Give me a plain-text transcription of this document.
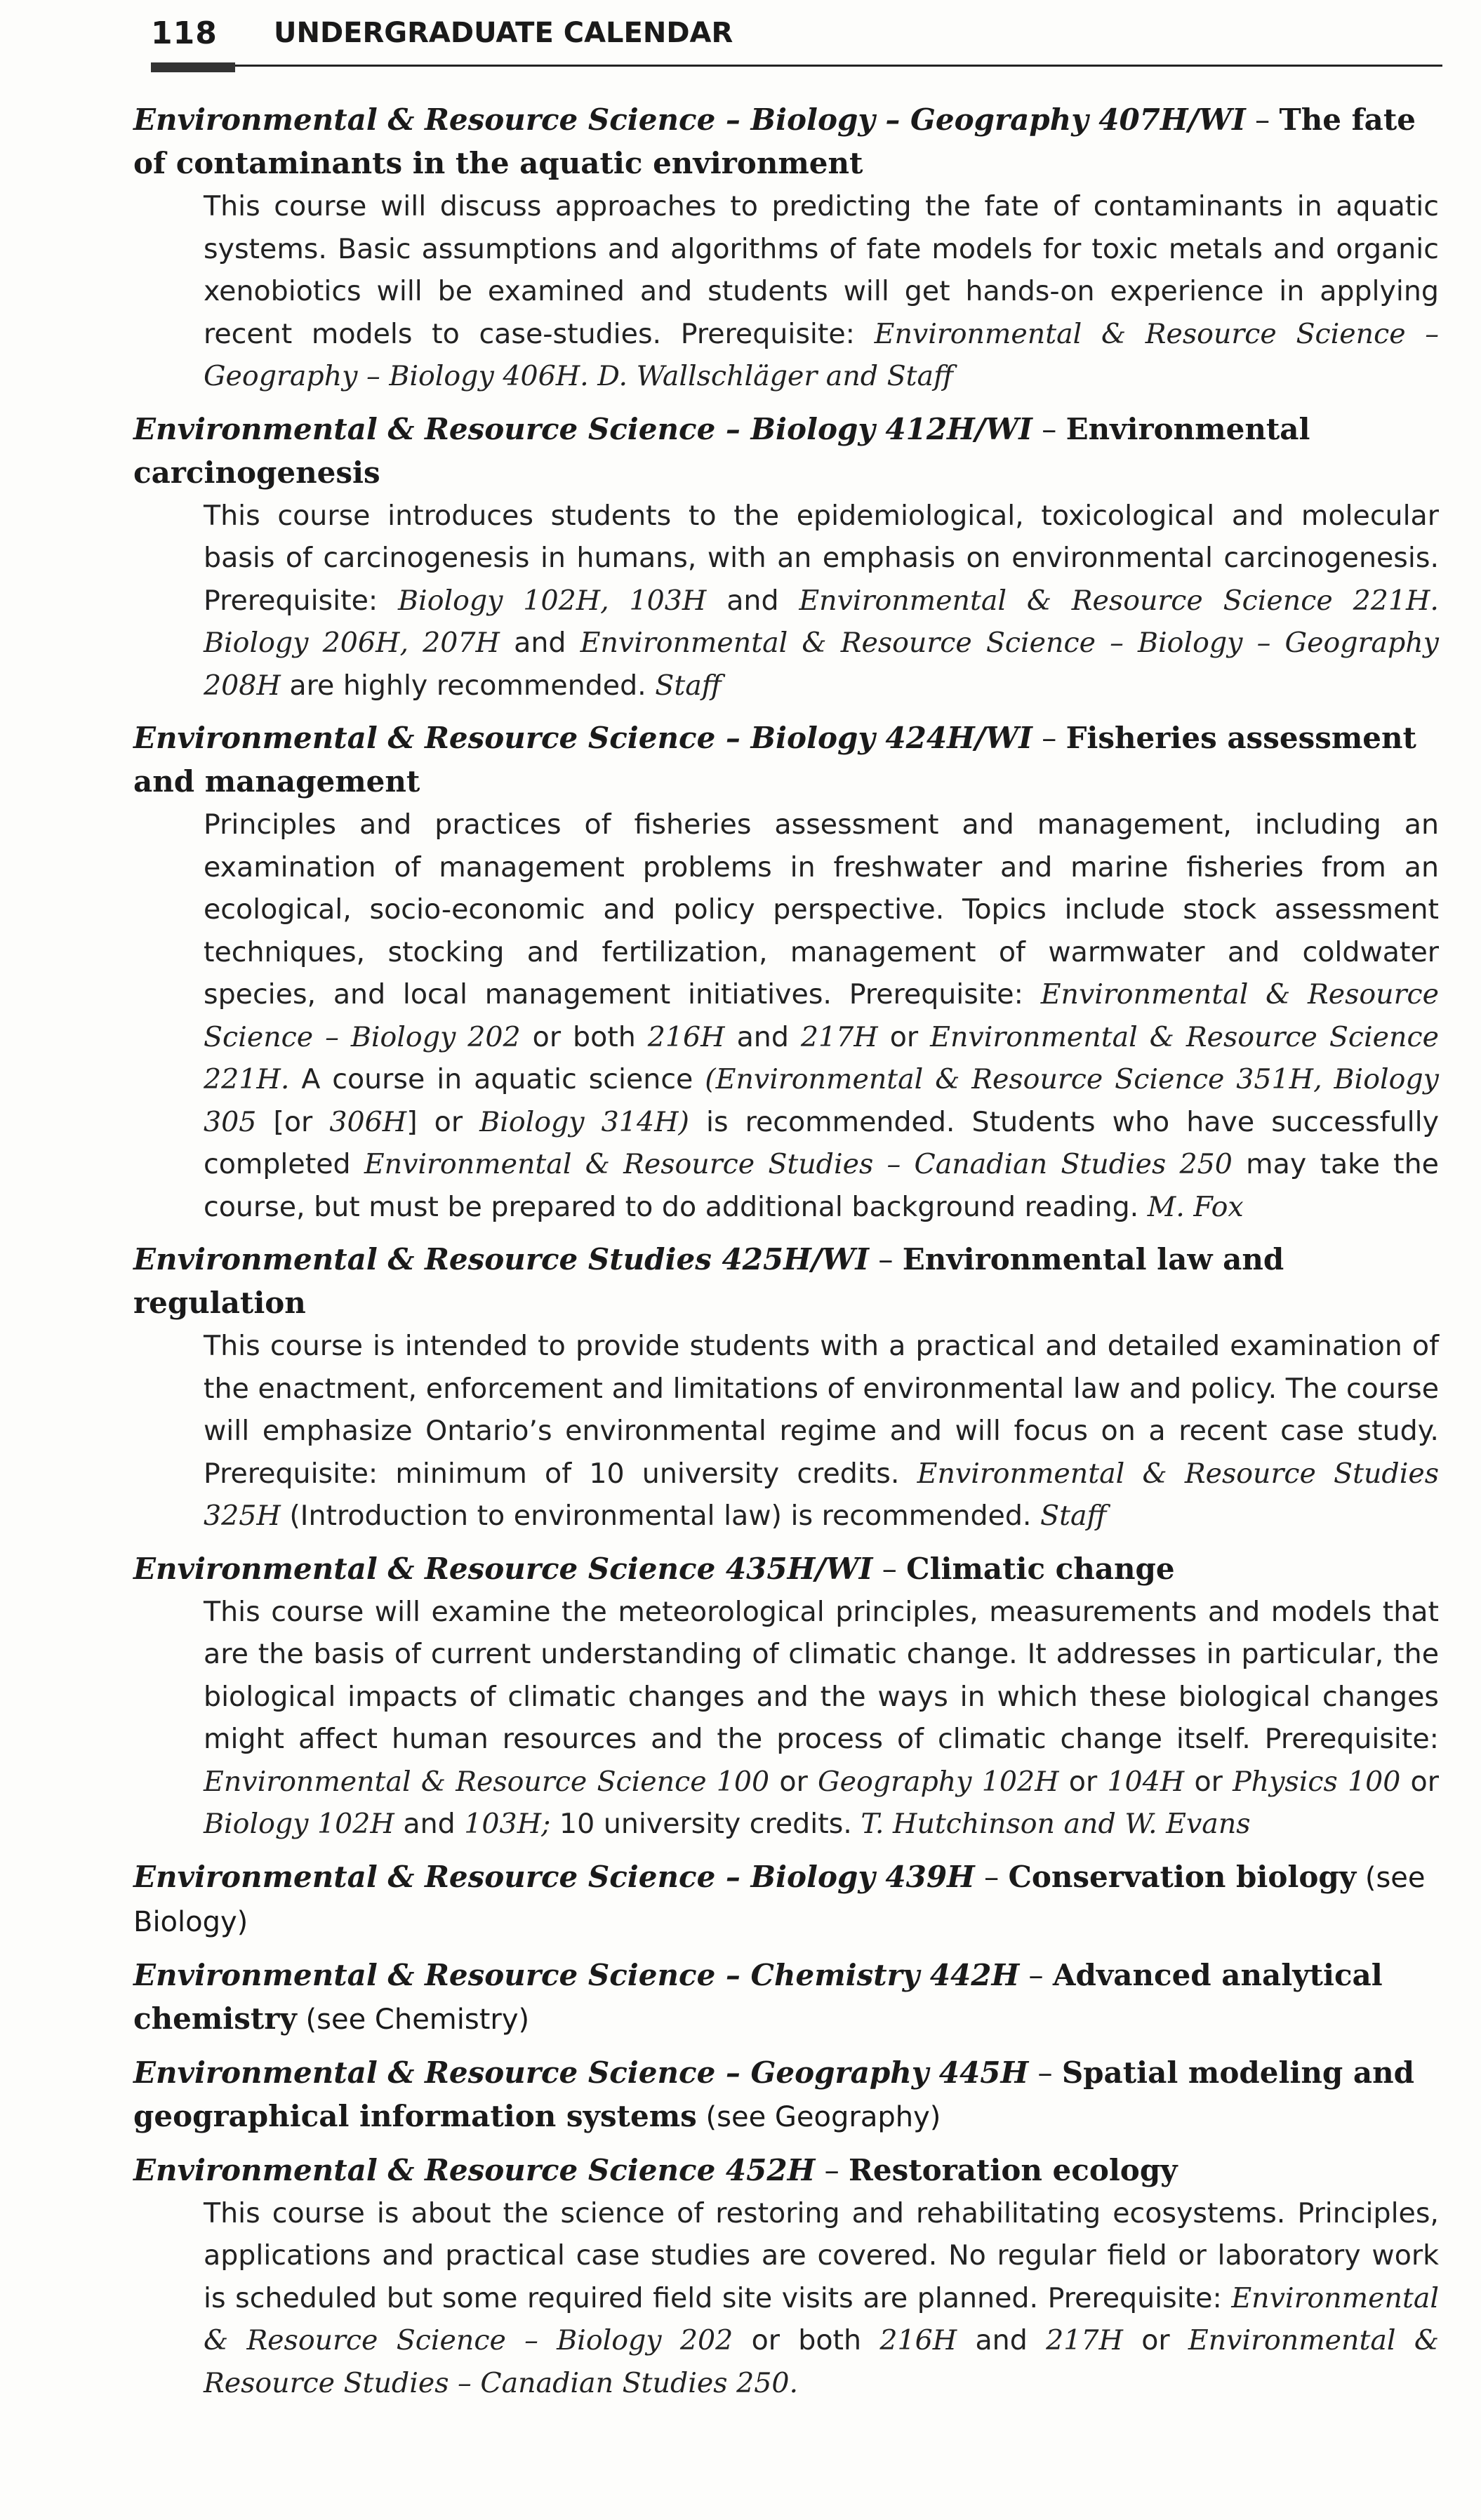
118 UNDERGRADUATE CALENDAR

Environmental & Resource Science – Biology – Geography 407H/WI – The fate of contaminants in the aquatic environment

This course will discuss approaches to predicting the fate of contaminants in aquatic systems. Basic assumptions and algorithms of fate models for toxic metals and organic xenobiotics will be examined and students will get hands-on experience in applying recent models to case-studies. Prerequisite: Environmental & Resource Science – Geography – Biology 406H. D. Wallschläger and Staff

Environmental & Resource Science – Biology 412H/WI – Environmental carcinogenesis

This course introduces students to the epidemiological, toxicological and molecular basis of carcinogenesis in humans, with an emphasis on environmental carcinogenesis. Prerequisite: Biology 102H, 103H and Environmental & Resource Science 221H. Biology 206H, 207H and Environmental & Resource Science – Biology – Geography 208H are highly recommended. Staff

Environmental & Resource Science – Biology 424H/WI – Fisheries assessment and management

Principles and practices of fisheries assessment and management, including an examination of management problems in freshwater and marine fisheries from an ecological, socio-economic and policy perspective. Topics include stock assessment techniques, stocking and fertilization, management of warmwater and coldwater species, and local management initiatives. Prerequisite: Environmental & Resource Science – Biology 202 or both 216H and 217H or Environmental & Resource Science 221H. A course in aquatic science (Environmental & Resource Science 351H, Biology 305 [or 306H] or Biology 314H) is recommended. Students who have successfully completed Environmental & Resource Studies – Canadian Studies 250 may take the course, but must be prepared to do additional background reading. M. Fox

Environmental & Resource Studies 425H/WI – Environmental law and regulation

This course is intended to provide students with a practical and detailed examination of the enactment, enforcement and limitations of environmental law and policy. The course will emphasize Ontario’s environmental regime and will focus on a recent case study. Prerequisite: minimum of 10 university credits. Environmental & Resource Studies 325H (Introduction to environmental law) is recommended. Staff

Environmental & Resource Science 435H/WI – Climatic change

This course will examine the meteorological principles, measurements and models that are the basis of current understanding of climatic change. It addresses in particular, the biological impacts of climatic changes and the ways in which these biological changes might affect human resources and the process of climatic change itself. Prerequisite: Environmental & Resource Science 100 or Geography 102H or 104H or Physics 100 or Biology 102H and 103H; 10 university credits. T. Hutchinson and W. Evans

Environmental & Resource Science – Biology 439H – Conservation biology (see Biology)

Environmental & Resource Science – Chemistry 442H – Advanced analytical chemistry (see Chemistry)

Environmental & Resource Science – Geography 445H – Spatial modeling and geographical information systems (see Geography)

Environmental & Resource Science 452H – Restoration ecology

This course is about the science of restoring and rehabilitating ecosystems. Principles, applications and practical case studies are covered. No regular field or laboratory work is scheduled but some required field site visits are planned. Prerequisite: Environmental & Resource Science – Biology 202 or both 216H and 217H or Environmental & Resource Studies – Canadian Studies 250.
